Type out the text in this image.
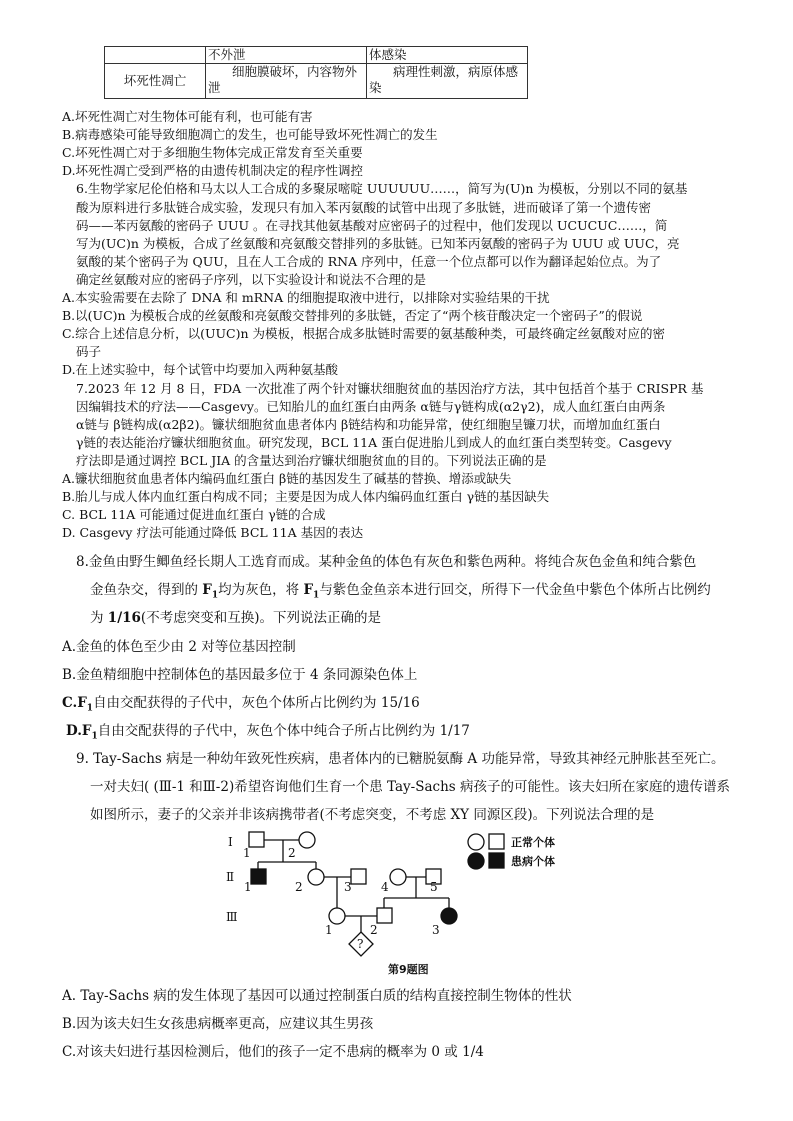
	不外泄	体感染
坏死性凋亡	细胞膜破坏，内容物外泄	病理性刺激，病原体感染
A.坏死性凋亡对生物体可能有利，也可能有害
B.病毒感染可能导致细胞凋亡的发生，也可能导致坏死性凋亡的发生
C.坏死性凋亡对于多细胞生物体完成正常发育至关重要
D.坏死性凋亡受到严格的由遗传机制决定的程序性调控
6.生物学家尼伦伯格和马太以人工合成的多聚尿嘧啶 UUUUUU……，简写为(U)n 为模板，分别以不同的氨基
酸为原料进行多肽链合成实验，发现只有加入苯丙氨酸的试管中出现了多肽链，进而破译了第一个遗传密
码——苯丙氨酸的密码子 UUU 。在寻找其他氨基酸对应密码子的过程中，他们发现以 UCUCUC……，简
写为(UC)n 为模板，合成了丝氨酸和亮氨酸交替排列的多肽链。已知苯丙氨酸的密码子为 UUU 或 UUC，亮
氨酸的某个密码子为 QUU，且在人工合成的 RNA 序列中，任意一个位点都可以作为翻译起始位点。为了
确定丝氨酸对应的密码子序列，以下实验设计和说法不合理的是
A.本实验需要在去除了 DNA 和 mRNA 的细胞提取液中进行，以排除对实验结果的干扰
B.以(UC)n 为模板合成的丝氨酸和亮氨酸交替排列的多肽链，否定了“两个核苷酸决定一个密码子”的假说
C.综合上述信息分析，以(UUC)n 为模板，根据合成多肽链时需要的氨基酸种类，可最终确定丝氨酸对应的密
码子
D.在上述实验中，每个试管中均要加入两种氨基酸
7.2023 年 12 月 8 日，FDA 一次批准了两个针对镰状细胞贫血的基因治疗方法，其中包括首个基于 CRISPR 基
因编辑技术的疗法——Casgevy。已知胎儿的血红蛋白由两条 α链与γ链构成(α2γ2)，成人血红蛋白由两条
α链与 β链构成(α2β2)。镰状细胞贫血患者体内 β链结构和功能异常，使红细胞呈镰刀状，而增加血红蛋白
γ链的表达能治疗镰状细胞贫血。研究发现，BCL 11A 蛋白促进胎儿到成人的血红蛋白类型转变。Casgevy
疗法即是通过调控 BCL JIA 的含量达到治疗镰状细胞贫血的目的。下列说法正确的是
A.镰状细胞贫血患者体内编码血红蛋白 β链的基因发生了碱基的替换、增添或缺失
B.胎儿与成人体内血红蛋白构成不同；主要是因为成人体内编码血红蛋白 γ链的基因缺失
C. BCL 11A 可能通过促进血红蛋白 γ链的合成
D. Casgevy 疗法可能通过降低 BCL 11A 基因的表达
8.金鱼由野生鲫鱼经长期人工选育而成。某种金鱼的体色有灰色和紫色两种。将纯合灰色金鱼和纯合紫色
金鱼杂交，得到的 $F_1$均为灰色，将 $F_1$与紫色金鱼亲本进行回交，所得下一代金鱼中紫色个体所占比例约
为 1/16(不考虑突变和互换)。下列说法正确的是
A.金鱼的体色至少由 2 对等位基因控制
B.金鱼精细胞中控制体色的基因最多位于 4 条同源染色体上
$C.F_1$自由交配获得的子代中，灰色个体所占比例约为 15/16
$D.F_1$自由交配获得的子代中，灰色个体中纯合子所占比例约为 1/17
9. Tay-Sachs 病是一种幼年致死性疾病，患者体内的已糖脱氨酶 A 功能异常，导致其神经元肿胀甚至死亡。
一对夫妇( (Ⅲ-1 和Ⅲ-2)希望咨询他们生育一个患 Tay-Sachs 病孩子的可能性。该夫妇所在家庭的遗传谱系
如图所示，妻子的父亲并非该病携带者(不考虑突变，不考虑 XY 同源区段)。下列说法合理的是
Ⅰ
Ⅱ
Ⅲ
1	2
1	2	3 4	5
1	2	3
?
正常个体
患病个体
第9题图
A. Tay-Sachs 病的发生体现了基因可以通过控制蛋白质的结构直接控制生物体的性状
B.因为该夫妇生女孩患病概率更高，应建议其生男孩
C.对该夫妇进行基因检测后，他们的孩子一定不患病的概率为 0 或 1/4
